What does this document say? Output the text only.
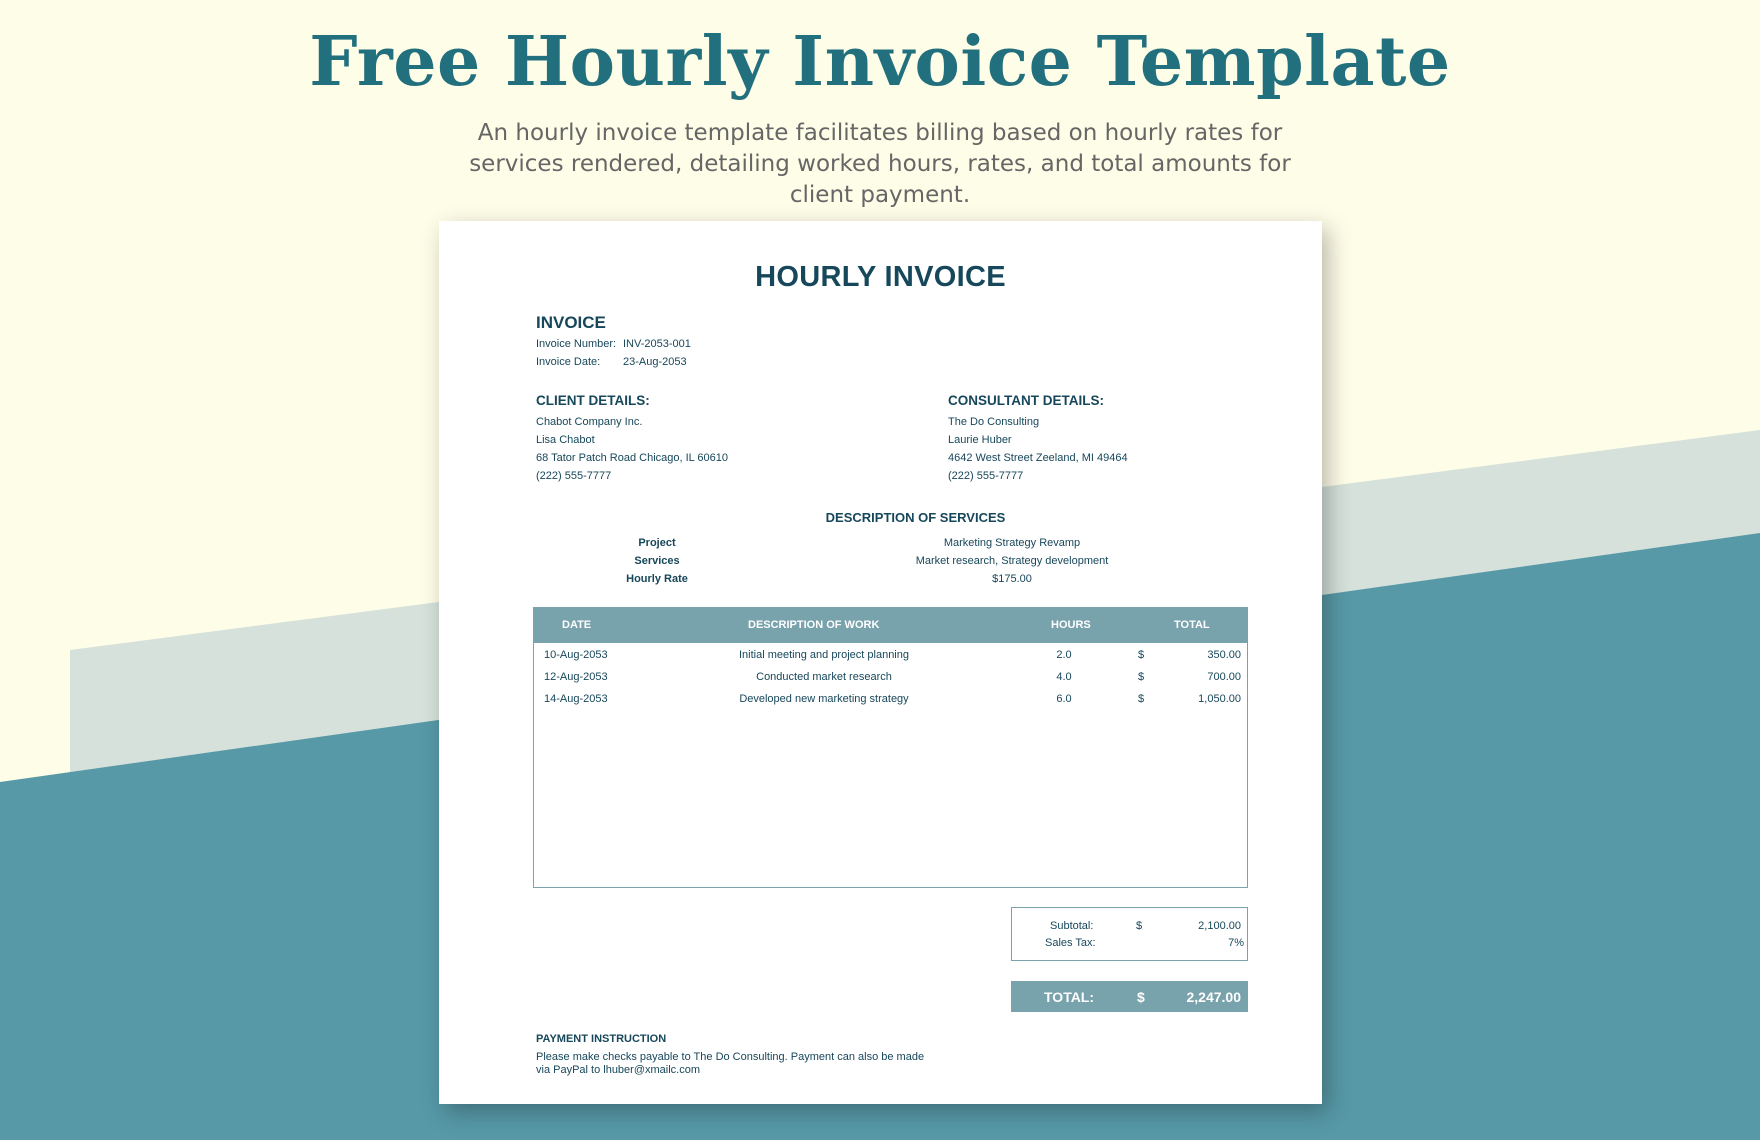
Free Hourly Invoice Template

An hourly invoice template facilitates billing based on hourly rates for services rendered, detailing worked hours, rates, and total amounts for client payment.

HOURLY INVOICE
INVOICE
Invoice Number: INV-2053-001
Invoice Date: 23-Aug-2053
CLIENT DETAILS:
Chabot Company Inc.
Lisa Chabot
68 Tator Patch Road Chicago, IL 60610
(222) 555-7777
CONSULTANT DETAILS:
The Do Consulting
Laurie Huber
4642 West Street Zeeland, MI 49464
(222) 555-7777
DESCRIPTION OF SERVICES
Project	Marketing Strategy Revamp
Services	Market research, Strategy development
Hourly Rate	$175.00
DATE	DESCRIPTION OF WORK	HOURS	TOTAL
10-Aug-2053	Initial meeting and project planning	2.0	$	350.00
12-Aug-2053	Conducted market research	4.0	$	700.00
14-Aug-2053	Developed new marketing strategy	6.0	$	1,050.00
Subtotal:	$	2,100.00
Sales Tax:	7%
TOTAL:	$	2,247.00
PAYMENT INSTRUCTION
Please make checks payable to The Do Consulting. Payment can also be made
via PayPal to lhuber@xmailc.com
